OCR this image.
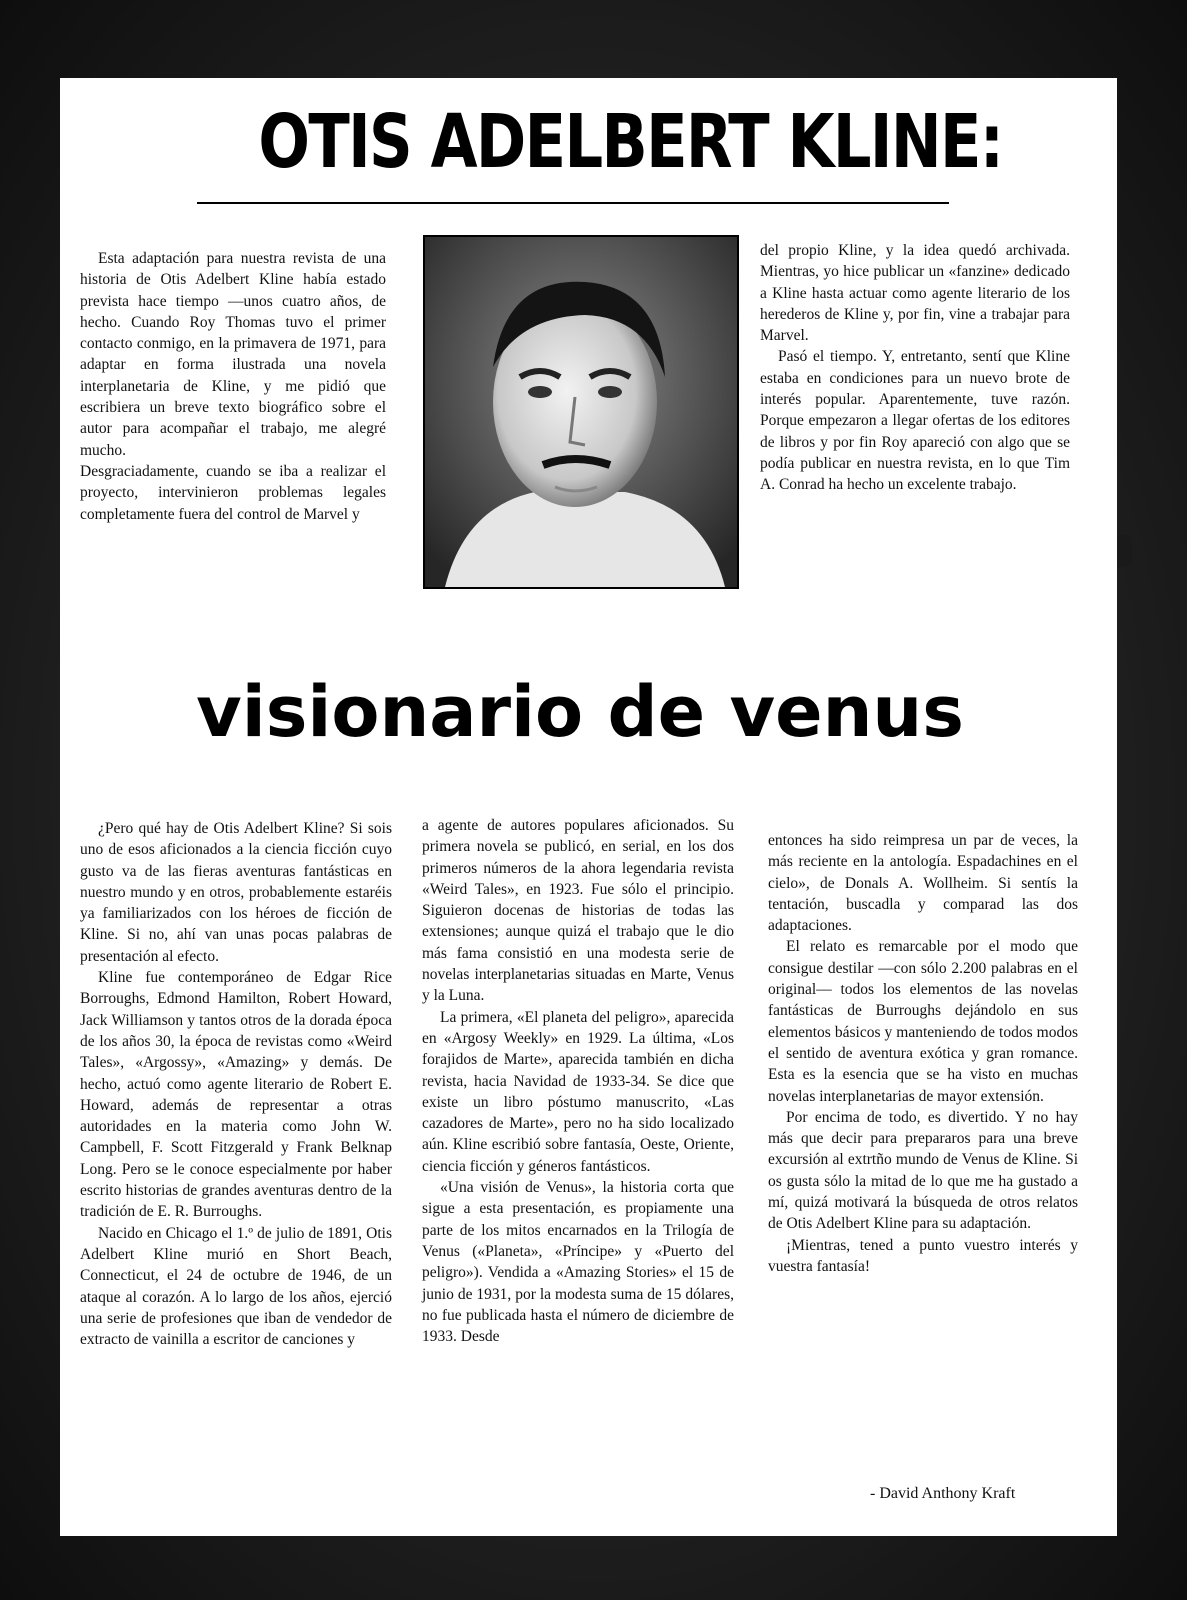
OTIS ADELBERT KLINE:

Esta adaptación para nuestra revista de una historia de Otis Adelbert Kline había estado prevista hace tiempo —unos cuatro años, de hecho. Cuando Roy Thomas tuvo el primer contacto conmigo, en la primavera de 1971, para adaptar en forma ilustrada una novela interplanetaria de Kline, y me pidió que escribiera un breve texto biográfico sobre el autor para acompañar el trabajo, me alegré mucho.

Desgraciadamente, cuando se iba a realizar el proyecto, intervinieron problemas legales completamente fuera del control de Marvel y

del propio Kline, y la idea quedó archivada. Mientras, yo hice publicar un «fanzine» dedicado a Kline hasta actuar como agente literario de los herederos de Kline y, por fin, vine a trabajar para Marvel.

Pasó el tiempo. Y, entretanto, sentí que Kline estaba en condiciones para un nuevo brote de interés popular. Aparentemente, tuve razón. Porque empezaron a llegar ofertas de los editores de libros y por fin Roy apareció con algo que se podía publicar en nuestra revista, en lo que Tim A. Conrad ha hecho un excelente trabajo.

visionario de venus

¿Pero qué hay de Otis Adelbert Kline? Si sois uno de esos aficionados a la ciencia ficción cuyo gusto va de las fieras aventuras fantásticas en nuestro mundo y en otros, probablemente estaréis ya familiarizados con los héroes de ficción de Kline. Si no, ahí van unas pocas palabras de presentación al efecto.

Kline fue contemporáneo de Edgar Rice Borroughs, Edmond Hamilton, Robert Howard, Jack Williamson y tantos otros de la dorada época de los años 30, la época de revistas como «Weird Tales», «Argossy», «Amazing» y demás. De hecho, actuó como agente literario de Robert E. Howard, además de representar a otras autoridades en la materia como John W. Campbell, F. Scott Fitzgerald y Frank Belknap Long. Pero se le conoce especialmente por haber escrito historias de grandes aventuras dentro de la tradición de E. R. Burroughs.

Nacido en Chicago el 1.º de julio de 1891, Otis Adelbert Kline murió en Short Beach, Connecticut, el 24 de octubre de 1946, de un ataque al corazón. A lo largo de los años, ejerció una serie de profesiones que iban de vendedor de extracto de vainilla a escritor de canciones y

a agente de autores populares aficionados. Su primera novela se publicó, en serial, en los dos primeros números de la ahora legendaria revista «Weird Tales», en 1923. Fue sólo el principio. Siguieron docenas de historias de todas las extensiones; aunque quizá el trabajo que le dio más fama consistió en una modesta serie de novelas interplanetarias situadas en Marte, Venus y la Luna.

La primera, «El planeta del peligro», aparecida en «Argosy Weekly» en 1929. La última, «Los forajidos de Marte», aparecida también en dicha revista, hacia Navidad de 1933-34. Se dice que existe un libro póstumo manuscrito, «Las cazadores de Marte», pero no ha sido localizado aún. Kline escribió sobre fantasía, Oeste, Oriente, ciencia ficción y géneros fantásticos.

«Una visión de Venus», la historia corta que sigue a esta presentación, es propiamente una parte de los mitos encarnados en la Trilogía de Venus («Planeta», «Príncipe» y «Puerto del peligro»). Vendida a «Amazing Stories» el 15 de junio de 1931, por la modesta suma de 15 dólares, no fue publicada hasta el número de diciembre de 1933. Desde

entonces ha sido reimpresa un par de veces, la más reciente en la antología. Espadachines en el cielo», de Donals A. Wollheim. Si sentís la tentación, buscadla y comparad las dos adaptaciones.

El relato es remarcable por el modo que consigue destilar —con sólo 2.200 palabras en el original— todos los elementos de las novelas fantásticas de Burroughs dejándolo en sus elementos básicos y manteniendo de todos modos el sentido de aventura exótica y gran romance. Esta es la esencia que se ha visto en muchas novelas interplanetarias de mayor extensión.

Por encima de todo, es divertido. Y no hay más que decir para prepararos para una breve excursión al extrtño mundo de Venus de Kline. Si os gusta sólo la mitad de lo que me ha gustado a mí, quizá motivará la búsqueda de otros relatos de Otis Adelbert Kline para su adaptación.

¡Mientras, tened a punto vuestro interés y vuestra fantasía!

- David Anthony Kraft
